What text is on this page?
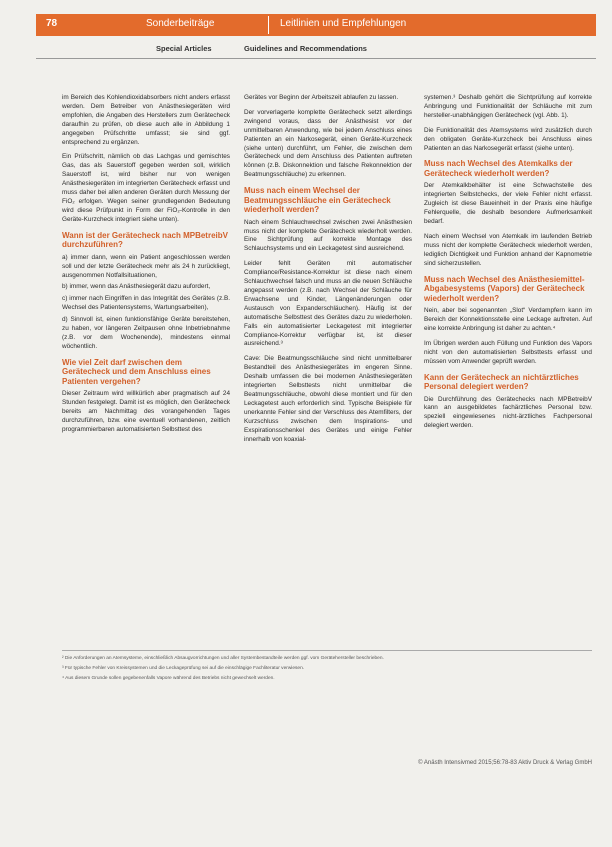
78	Sonderbeiträge	Leitlinien und Empfehlungen
Special Articles	Guidelines and Recommendations

im Bereich des Kohlendioxidabsorbers nicht anders erfasst werden. Dem Betreiber von Anästhesiegeräten wird empfohlen, die Angaben des Herstellers zum Gerätecheck daraufhin zu prüfen, ob diese auch alle in Abbildung 1 angegeben Prüfschritte umfasst; sie sind ggf. entsprechend zu ergänzen.

Ein Prüfschritt, nämlich ob das Lachgas und gemischtes Gas, das als Sauerstoff gegeben werden soll, wirklich Sauerstoff ist, wird bisher nur von wenigen Anästhesiegeräten im integrierten Gerätecheck erfasst und muss daher bei allen anderen Geräten durch Messung der FiO₂ erfolgen. Wegen seiner grundlegenden Bedeutung wird diese Prüfpunkt in Form der FiO₂-Kontrolle in den Geräte-Kurzcheck integriert siehe unten).

Wann ist der Gerätecheck nach MPBetreibV durchzuführen?
a) immer dann, wenn ein Patient angeschlossen werden soll und der letzte Gerätecheck mehr als 24 h zurückliegt, ausgenommen Notfallsituationen,
b) immer, wenn das Anästhesiegerät dazu aufordert,
c) immer nach Eingriffen in das Integrität des Gerätes (z.B. Wechsel des Patientensystems, Wartungsarbeiten),
d) Sinnvoll ist, einen funktionsfähige Geräte bereitstehen, zu haben, vor längeren Zeitpausen ohne Inbetriebnahme (z.B. vor dem Wochenende), mindestens einmal wöchentlich.
Wie viel Zeit darf zwischen dem Gerätecheck und dem Anschluss eines Patienten vergehen?

Dieser Zeitraum wird willkürlich aber pragmatisch auf 24 Stunden festgelegt. Damit ist es möglich, den Gerätecheck bereits am Nachmittag des vorangehenden Tages durchzuführen, bzw. eine eventuell vorhandenen, zeitlich programmierbaren automatisierten Selbsttest des

Gerätes vor Beginn der Arbeitszeit ablaufen zu lassen.

Der vorverlagerte komplette Gerätecheck setzt allerdings zwingend voraus, dass der Anästhesist vor der unmittelbaren Anwendung, wie bei jedem Anschluss eines Patienten an ein Narkosegerät, einen Geräte-Kurzcheck (siehe unten) durchführt, um Fehler, die zwischen dem Gerätecheck und dem Anschluss des Patienten auftreten können (z.B. Diskonnektion und falsche Rekonnektion der Beatmungsschläuche) zu erkennen.

Muss nach einem Wechsel der Beatmungsschläuche ein Gerätecheck wiederholt werden?

Nach einem Schlauchwechsel zwischen zwei Anästhesien muss nicht der komplette Gerätecheck wiederholt werden. Eine Sichtprüfung auf korrekte Montage des Schlauchsystems und ein Leckagetest sind ausreichend.

Leider fehlt Geräten mit automatischer Compliance/Resistance-Korrektur ist diese nach einem Schlauchwechsel falsch und muss an die neuen Schläuche angepasst werden (z.B. nach Wechsel der Schläuche für Erwachsene und Kinder, Längenänderungen oder Austausch von Expanderschläuchen). Häufig ist der automatische Selbsttest des Gerätes dazu zu wiederholen. Falls ein automatisierter Leckagetest mit integrierter Compliance-Korrektur verfügbar ist, ist dieser ausreichend.³

Cave: Die Beatmungsschläuche sind nicht unmittelbarer Bestandteil des Anästhesiegerätes im engeren Sinne. Deshalb umfassen die bei modernen Anästhesiegeräten integrierten Selbsttests nicht unmittelbar die Beatmungsschläuche, obwohl diese montiert und für den Leckagetest auch erforderlich sind. Typische Beispiele für unerkannte Fehler sind der Verschluss des Atemfilters, der Kurzschluss zwischen dem Inspirations- und Exspirationsschenkel des Gerätes und einige Fehler innerhalb von koaxial-

systemen.³ Deshalb gehört die Sichtprüfung auf korrekte Anbringung und Funktionalität der Schläuche mit zum hersteller-unabhängigen Gerätecheck (vgl. Abb. 1).

Die Funktionalität des Atemsystems wird zusätzlich durch den obligaten Geräte-Kurzcheck bei Anschluss eines Patienten an das Narkosegerät erfasst (siehe unten).

Muss nach Wechsel des Atemkalks der Gerätecheck wiederholt werden?

Der Atemkalkbehälter ist eine Schwachstelle des integrierten Selbstchecks, der viele Fehler nicht erfasst. Zugleich ist diese Baueinheit in der Praxis eine häufige Fehlerquelle, die deshalb besondere Aufmerksamkeit bedarf.

Nach einem Wechsel von Atemkalk im laufenden Betrieb muss nicht der komplette Gerätecheck wiederholt werden, lediglich Dichtigkeit und Funktion anhand der Kapnometrie sind sicherzustellen.

Muss nach Wechsel des Anästhesiemittel-Abgabesystems (Vapors) der Gerätecheck wiederholt werden?

Nein, aber bei sogenannten „Slot“ Verdampfern kann im Bereich der Konnektionsstelle eine Leckage auftreten. Auf eine korrekte Anbringung ist daher zu achten.⁴

Im Übrigen werden auch Füllung und Funktion des Vapors nicht von den automatisierten Selbsttests erfasst und müssen vom Anwender geprüft werden.

Kann der Gerätecheck an nichtärztliches Personal delegiert werden?

Die Durchführung des Gerätechecks nach MPBetreibV kann an ausgebildetes fachärztliches Personal bzw. speziell eingewiesenes nicht-ärztliches Fachpersonal delegiert werden.

² Die Anforderungen an Atemsysteme, einschließlich Absaugvorrichtungen und aller Systembestandteile werden ggf. vom Gerätehersteller beschrieben.
³ Für typische Fehler von Kreissystemen und die Leckageprüfung sei auf die einschlägige Fachliteratur verwiesen.
⁴ Aus diesem Grunde sollen gegebenenfalls Vapore während des Betriebs nicht gewechselt werden.
© Anästh Intensivmed 2015;56:78-83 Aktiv Druck & Verlag GmbH
